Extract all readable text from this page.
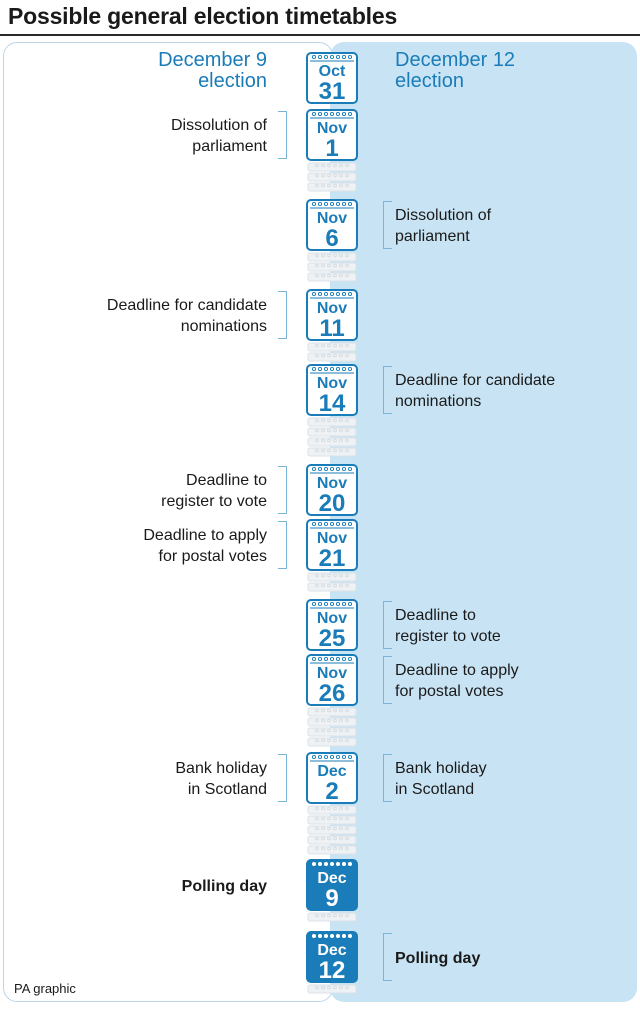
Possible general election timetables
December 9
election
December 12
election
Oct
31
Nov
1
Nov
6
Nov
11
Nov
14
Nov
20
Nov
21
Nov
25
Nov
26
Dec
2
Dec
9
Dec
12
Dissolution of
parliament
Dissolution of
parliament
Deadline for candidate
nominations
Deadline for candidate
nominations
Deadline to
register to vote
Deadline to apply
for postal votes
Deadline to
register to vote
Deadline to apply
for postal votes
Bank holiday
in Scotland
Bank holiday
in Scotland
Polling day
Polling day
PA graphic
